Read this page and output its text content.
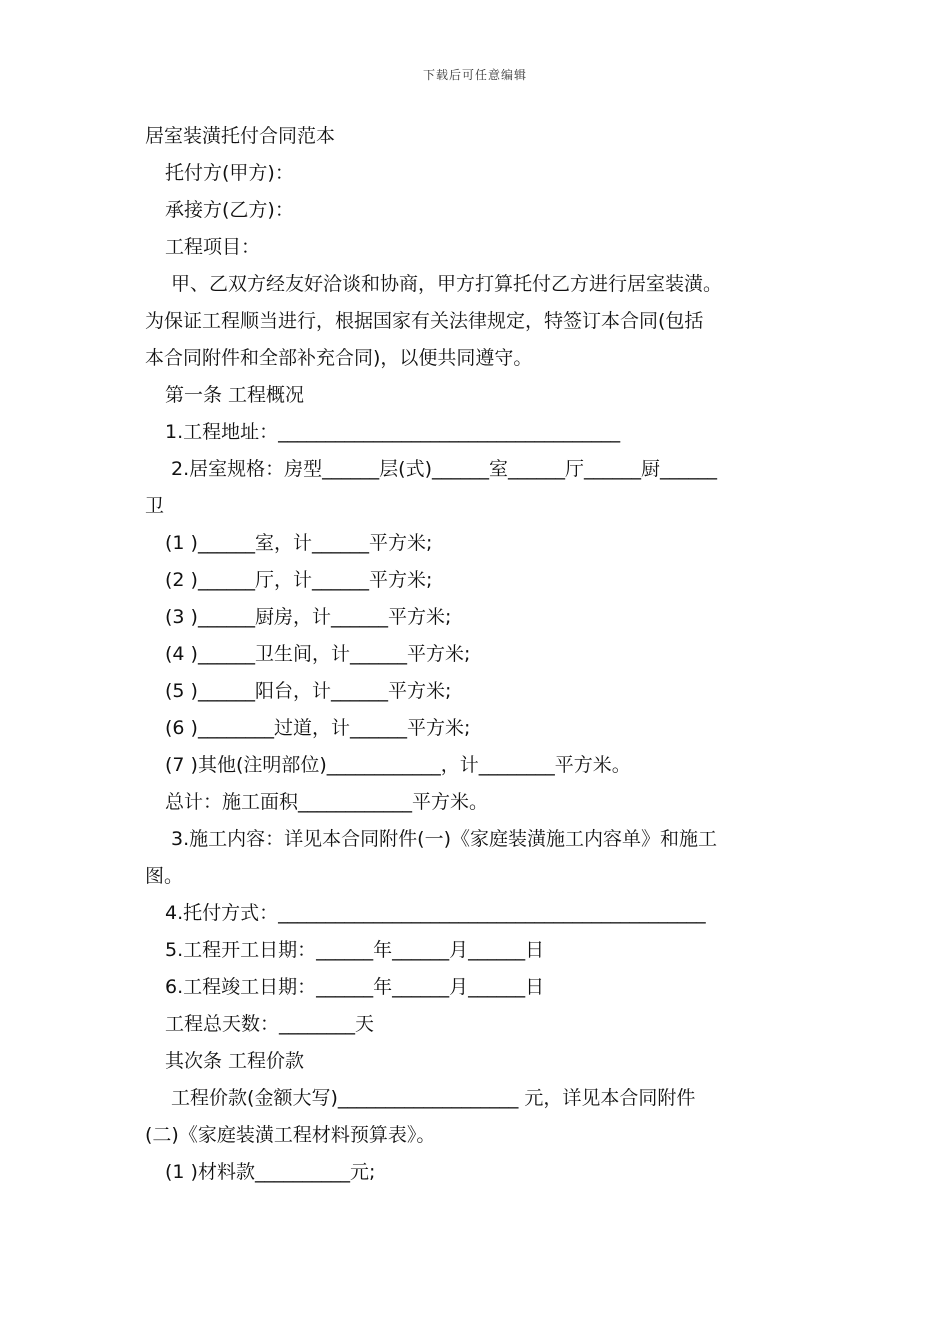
下载后可任意编辑
居室装潢托付合同范本
托付方(甲方)：
承接方(乙方)：
工程项目：
甲、乙双方经友好洽谈和协商，甲方打算托付乙方进行居室装潢。
为保证工程顺当进行，根据国家有关法律规定，特签订本合同(包括
本合同附件和全部补充合同)，以便共同遵守。
第一条 工程概况
1.工程地址：____________________________________
2.居室规格：房型______层(式)______室______厅______厨______
卫
(1 )______室，计______平方米;
(2 )______厅，计______平方米;
(3 )______厨房，计______平方米;
(4 )______卫生间，计______平方米;
(5 )______阳台，计______平方米;
(6 )________过道，计______平方米;
(7 )其他(注明部位)____________，计________平方米。
总计：施工面积____________平方米。
3.施工内容：详见本合同附件(一)《家庭装潢施工内容单》和施工
图。
4.托付方式：_____________________________________________
5.工程开工日期：______年______月______日
6.工程竣工日期：______年______月______日
工程总天数：________天
其次条 工程价款
工程价款(金额大写)___________________ 元，详见本合同附件
(二)《家庭装潢工程材料预算表》。
(1 )材料款__________元;
